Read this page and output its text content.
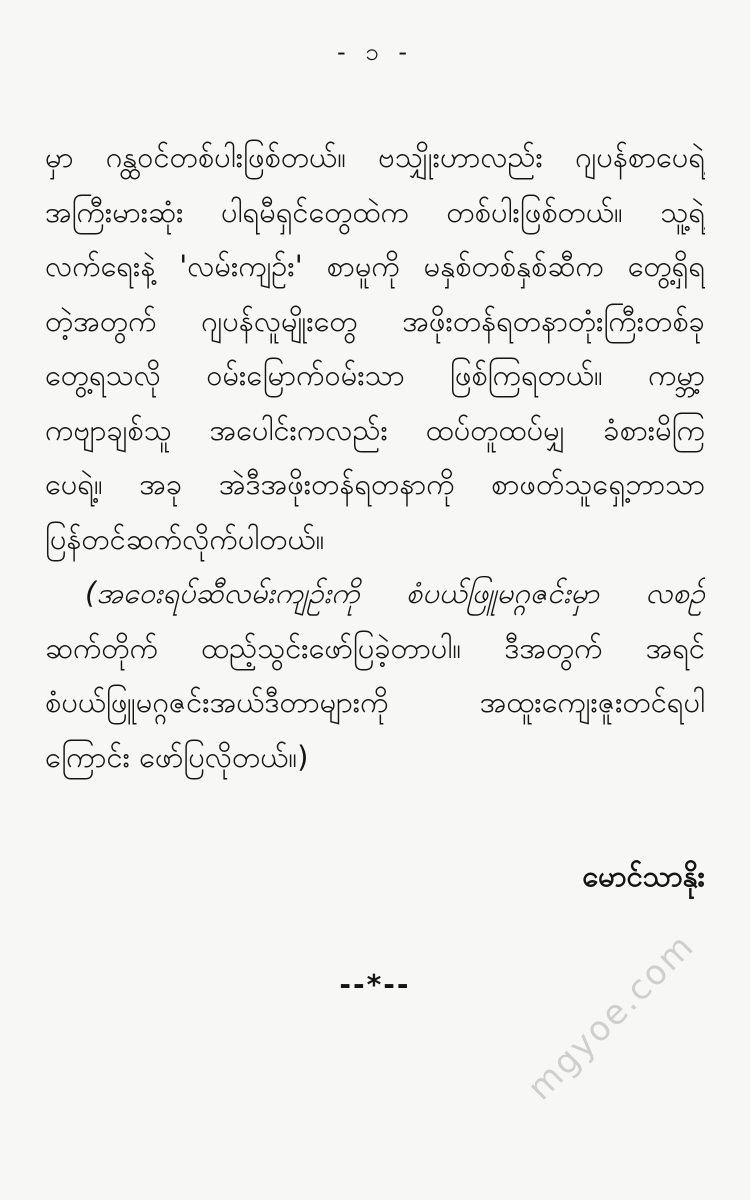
- ၁ -
မှာ ဂန္ထဝင်တစ်ပါးဖြစ်တယ်။ ဗသျှိုးဟာလည်း ဂျပန်စာပေရဲ့
အကြီးမားဆုံး ပါရမီရှင်တွေထဲက တစ်ပါးဖြစ်တယ်။ သူ့ရဲ့
လက်ရေးနဲ့ 'လမ်းကျဉ်း' စာမူကို မနှစ်တစ်နှစ်ဆီက တွေ့ရှိရ
တဲ့အတွက် ဂျပန်လူမျိုးတွေ အဖိုးတန်ရတနာတုံးကြီးတစ်ခု
တွေ့ရသလို ဝမ်းမြောက်ဝမ်းသာ ဖြစ်ကြရတယ်။ ကမ္ဘာ့
ကဗျာချစ်သူ အပေါင်းကလည်း ထပ်တူထပ်မျှ ခံစားမိကြ
ပေရဲ့။ အခု အဲဒီအဖိုးတန်ရတနာကို စာဖတ်သူရှေ့ဘာသာ
ပြန်တင်ဆက်လိုက်ပါတယ်။
(အဝေးရပ်ဆီလမ်းကျဉ်းကို စံပယ်ဖြူမဂ္ဂဇင်းမှာ လစဉ်
ဆက်တိုက် ထည့်သွင်းဖော်ပြခဲ့တာပါ။ ဒီအတွက် အရင်
စံပယ်ဖြူမဂ္ဂဇင်းအယ်ဒီတာများကို အထူးကျေးဇူးတင်ရပါ
ကြောင်း ဖော်ပြလိုတယ်။)
မောင်သာနိုး
--*--	mgyoe.com
